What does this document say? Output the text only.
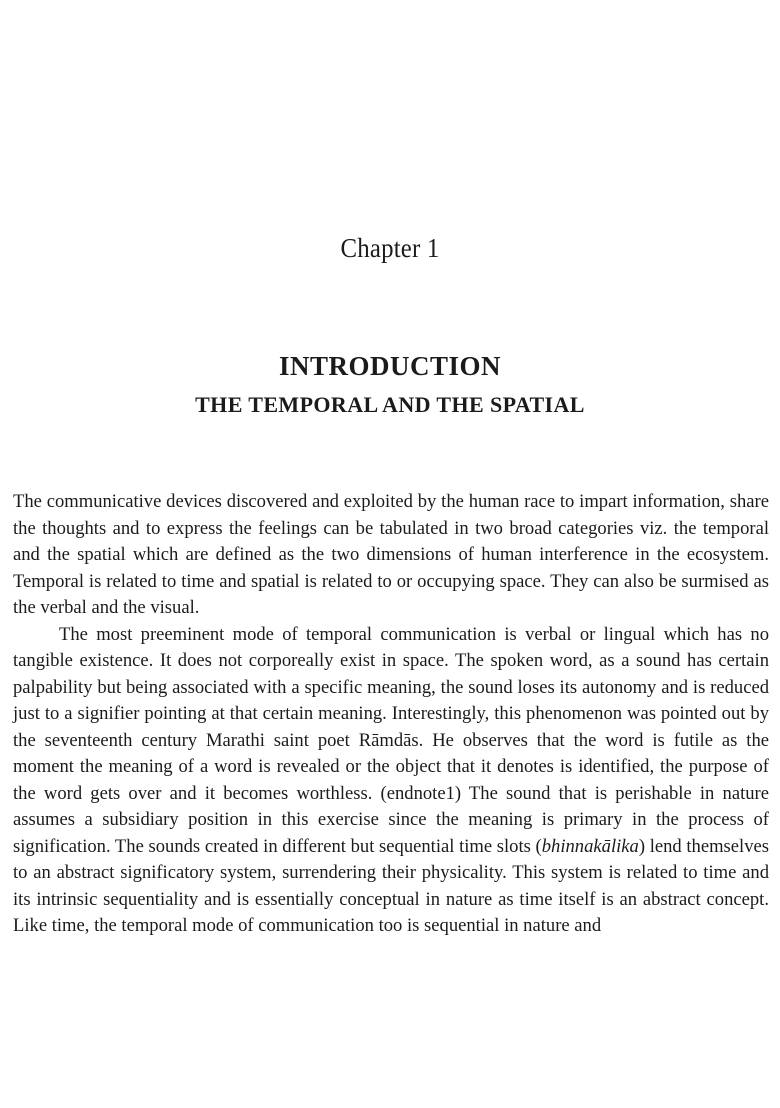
Chapter 1
INTRODUCTION
THE TEMPORAL AND THE SPATIAL

The communicative devices discovered and exploited by the human race to impart information, share the thoughts and to express the feelings can be tabulated in two broad categories viz. the temporal and the spatial which are defined as the two dimensions of human interference in the ecosystem. Temporal is related to time and spatial is related to or occupying space. They can also be surmised as the verbal and the visual.

The most preeminent mode of temporal communication is verbal or lingual which has no tangible existence. It does not corporeally exist in space. The spoken word, as a sound has certain palpability but being associated with a specific meaning, the sound loses its autonomy and is reduced just to a signifier pointing at that certain meaning. Interestingly, this phenomenon was pointed out by the seventeenth century Marathi saint poet Rāmdās. He observes that the word is futile as the moment the meaning of a word is revealed or the object that it denotes is identified, the purpose of the word gets over and it becomes worthless. (endnote1) The sound that is perishable in nature assumes a subsidiary position in this exercise since the meaning is primary in the process of signification. The sounds created in different but sequential time slots (bhinnakālika) lend themselves to an abstract significatory system, surrendering their physicality. This system is related to time and its intrinsic sequentiality and is essentially conceptual in nature as time itself is an abstract concept. Like time, the temporal mode of communication too is sequential in nature and
